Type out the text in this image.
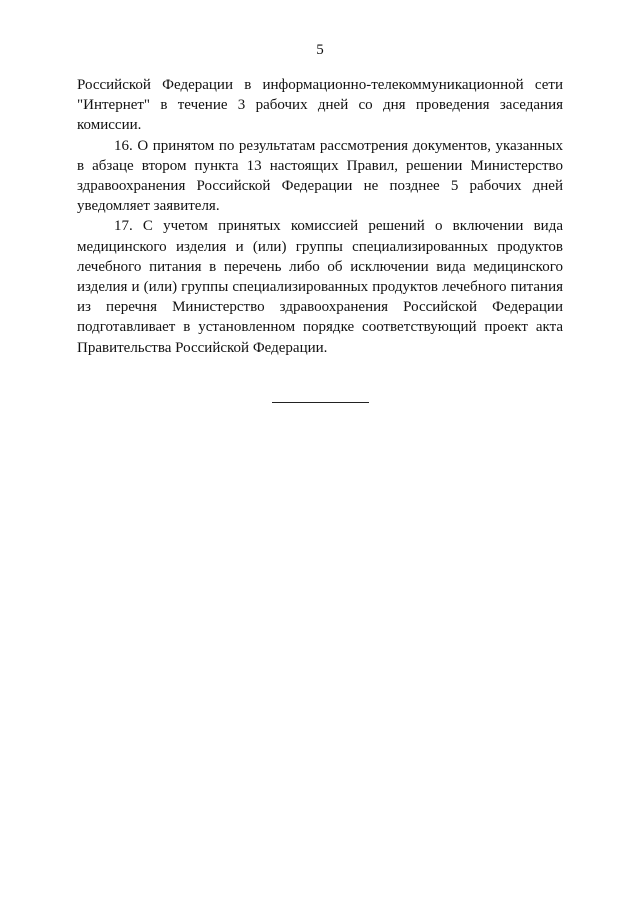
5

Российской Федерации в информационно-телекоммуникационной сети "Интернет" в течение 3 рабочих дней со дня проведения заседания комиссии.

16. О принятом по результатам рассмотрения документов, указанных в абзаце втором пункта 13 настоящих Правил, решении Министерство здравоохранения Российской Федерации не позднее 5 рабочих дней уведомляет заявителя.

17. С учетом принятых комиссией решений о включении вида медицинского изделия и (или) группы специализированных продуктов лечебного питания в перечень либо об исключении вида медицинского изделия и (или) группы специализированных продуктов лечебного питания из перечня Министерство здравоохранения Российской Федерации подготавливает в установленном порядке соответствующий проект акта Правительства Российской Федерации.
